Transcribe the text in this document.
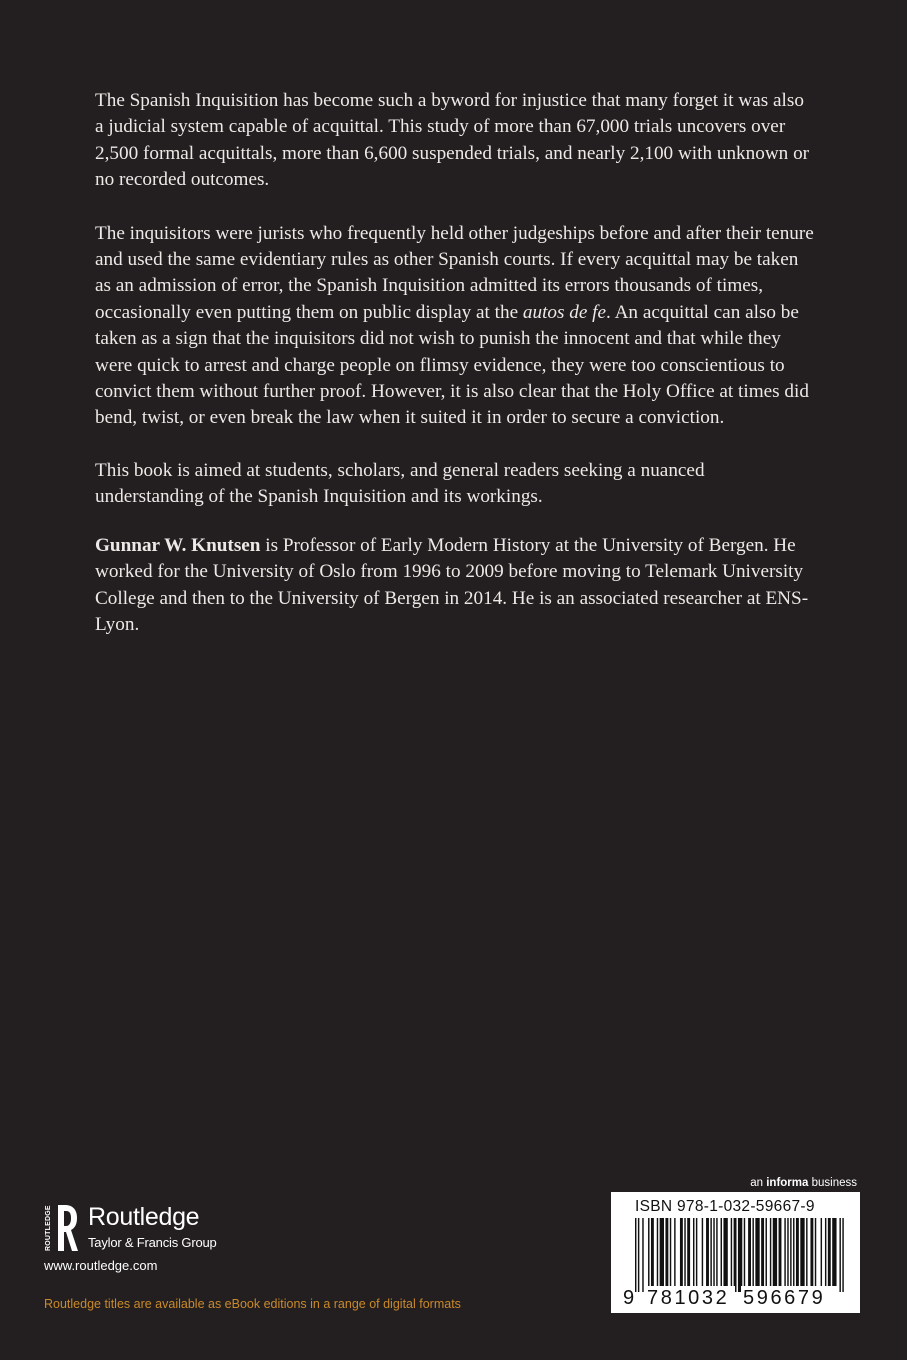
The Spanish Inquisition has become such a byword for injustice that many forget it was also a judicial system capable of acquittal. This study of more than 67,000 trials uncovers over 2,500 formal acquittals, more than 6,600 suspended trials, and nearly 2,100 with unknown or no recorded outcomes.

The inquisitors were jurists who frequently held other judgeships before and after their tenure and used the same evidentiary rules as other Spanish courts. If every acquittal may be taken as an admission of error, the Spanish Inquisition admitted its errors thousands of times, occasionally even putting them on public display at the autos de fe. An acquittal can also be taken as a sign that the inquisitors did not wish to punish the innocent and that while they were quick to arrest and charge people on flimsy evidence, they were too conscientious to convict them without further proof. However, it is also clear that the Holy Office at times did bend, twist, or even break the law when it suited it in order to secure a conviction.

This book is aimed at students, scholars, and general readers seeking a nuanced understanding of the Spanish Inquisition and its workings.

Gunnar W. Knutsen is Professor of Early Modern History at the University of Bergen. He worked for the University of Oslo from 1996 to 2009 before moving to Telemark University College and then to the University of Bergen in 2014. He is an associated researcher at ENS-Lyon.

ROUTLEDGE Routledge
Taylor & Francis Group
www.routledge.com
Routledge titles are available as eBook editions in a range of digital formats
an informa business
ISBN 978-1-032-59667-9
9 781032 596679
